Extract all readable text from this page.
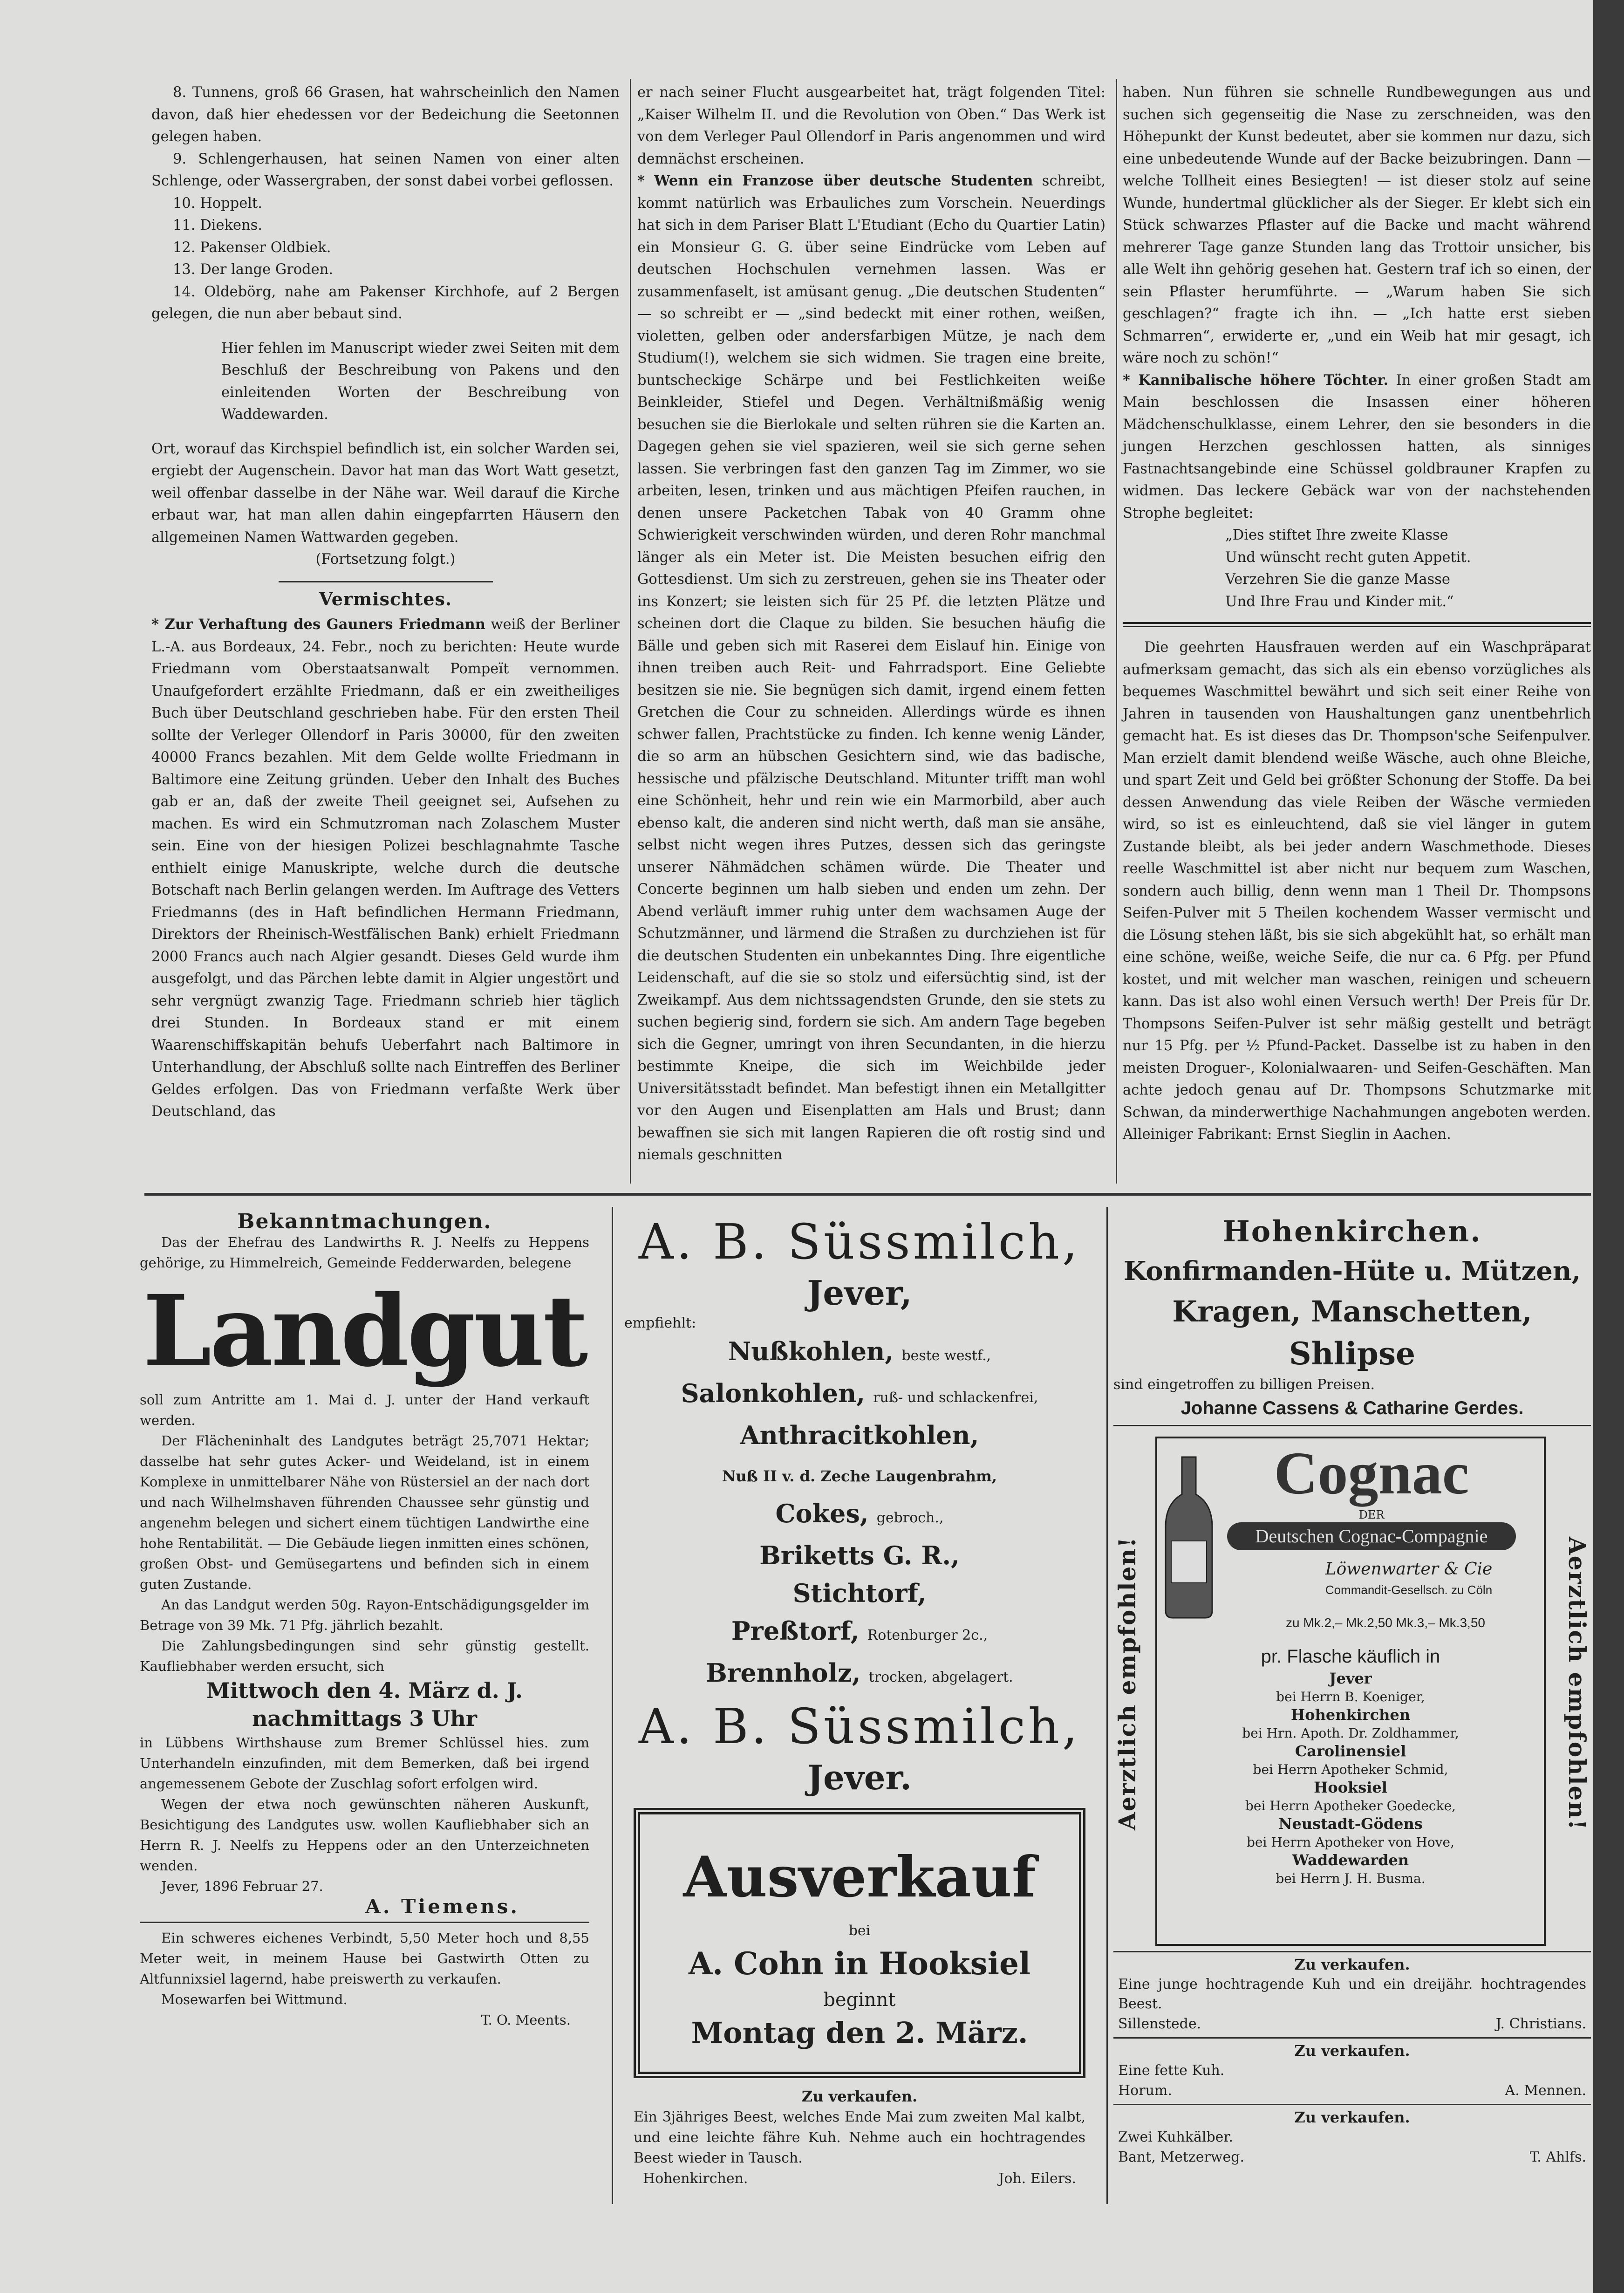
8. Tunnens, groß 66 Grasen, hat wahrscheinlich den Namen davon, daß hier ehedessen vor der Bedeichung die Seetonnen gelegen haben.

9. Schlengerhausen, hat seinen Namen von einer alten Schlenge, oder Wassergraben, der sonst dabei vorbei geflossen.

10. Hoppelt.

11. Diekens.

12. Pakenser Oldbiek.

13. Der lange Groden.

14. Oldebörg, nahe am Pakenser Kirchhofe, auf 2 Bergen gelegen, die nun aber bebaut sind.

Hier fehlen im Manuscript wieder zwei Seiten mit dem Beschluß der Beschreibung von Pakens und den einleitenden Worten der Beschreibung von Waddewarden.

Ort, worauf das Kirchspiel befindlich ist, ein solcher Warden sei, ergiebt der Augenschein. Davor hat man das Wort Watt gesetzt, weil offenbar dasselbe in der Nähe war. Weil darauf die Kirche erbaut war, hat man allen dahin eingepfarrten Häusern den allgemeinen Namen Wattwarden gegeben.

(Fortsetzung folgt.)

Vermischtes.

* Zur Verhaftung des Gauners Friedmann weiß der Berliner L.-A. aus Bordeaux, 24. Febr., noch zu berichten: Heute wurde Friedmann vom Oberstaatsanwalt Pompeït vernommen. Unaufgefordert erzählte Friedmann, daß er ein zweitheiliges Buch über Deutschland geschrieben habe. Für den ersten Theil sollte der Verleger Ollendorf in Paris 30000, für den zweiten 40000 Francs bezahlen. Mit dem Gelde wollte Friedmann in Baltimore eine Zeitung gründen. Ueber den Inhalt des Buches gab er an, daß der zweite Theil geeignet sei, Aufsehen zu machen. Es wird ein Schmutzroman nach Zolaschem Muster sein. Eine von der hiesigen Polizei beschlagnahmte Tasche enthielt einige Manuskripte, welche durch die deutsche Botschaft nach Berlin gelangen werden. Im Auftrage des Vetters Friedmanns (des in Haft befindlichen Hermann Friedmann, Direktors der Rheinisch-Westfälischen Bank) erhielt Friedmann 2000 Francs auch nach Algier gesandt. Dieses Geld wurde ihm ausgefolgt, und das Pärchen lebte damit in Algier ungestört und sehr vergnügt zwanzig Tage. Friedmann schrieb hier täglich drei Stunden. In Bordeaux stand er mit einem Waarenschiffskapitän behufs Ueberfahrt nach Baltimore in Unterhandlung, der Abschluß sollte nach Eintreffen des Berliner Geldes erfolgen. Das von Friedmann verfaßte Werk über Deutschland, das

er nach seiner Flucht ausgearbeitet hat, trägt folgenden Titel: „Kaiser Wilhelm II. und die Revolution von Oben.“ Das Werk ist von dem Verleger Paul Ollendorf in Paris angenommen und wird demnächst erscheinen.

* Wenn ein Franzose über deutsche Studenten schreibt, kommt natürlich was Erbauliches zum Vorschein. Neuerdings hat sich in dem Pariser Blatt L'Etudiant (Echo du Quartier Latin) ein Monsieur G. G. über seine Eindrücke vom Leben auf deutschen Hochschulen vernehmen lassen. Was er zusammenfaselt, ist amüsant genug. „Die deutschen Studenten“ — so schreibt er — „sind bedeckt mit einer rothen, weißen, violetten, gelben oder andersfarbigen Mütze, je nach dem Studium(!), welchem sie sich widmen. Sie tragen eine breite, buntscheckige Schärpe und bei Festlichkeiten weiße Beinkleider, Stiefel und Degen. Verhältnißmäßig wenig besuchen sie die Bierlokale und selten rühren sie die Karten an. Dagegen gehen sie viel spazieren, weil sie sich gerne sehen lassen. Sie verbringen fast den ganzen Tag im Zimmer, wo sie arbeiten, lesen, trinken und aus mächtigen Pfeifen rauchen, in denen unsere Packetchen Tabak von 40 Gramm ohne Schwierigkeit verschwinden würden, und deren Rohr manchmal länger als ein Meter ist. Die Meisten besuchen eifrig den Gottesdienst. Um sich zu zerstreuen, gehen sie ins Theater oder ins Konzert; sie leisten sich für 25 Pf. die letzten Plätze und scheinen dort die Claque zu bilden. Sie besuchen häufig die Bälle und geben sich mit Raserei dem Eislauf hin. Einige von ihnen treiben auch Reit- und Fahrradsport. Eine Geliebte besitzen sie nie. Sie begnügen sich damit, irgend einem fetten Gretchen die Cour zu schneiden. Allerdings würde es ihnen schwer fallen, Prachtstücke zu finden. Ich kenne wenig Länder, die so arm an hübschen Gesichtern sind, wie das badische, hessische und pfälzische Deutschland. Mitunter trifft man wohl eine Schönheit, hehr und rein wie ein Marmorbild, aber auch ebenso kalt, die anderen sind nicht werth, daß man sie ansähe, selbst nicht wegen ihres Putzes, dessen sich das geringste unserer Nähmädchen schämen würde. Die Theater und Concerte beginnen um halb sieben und enden um zehn. Der Abend verläuft immer ruhig unter dem wachsamen Auge der Schutzmänner, und lärmend die Straßen zu durchziehen ist für die deutschen Studenten ein unbekanntes Ding. Ihre eigentliche Leidenschaft, auf die sie so stolz und eifersüchtig sind, ist der Zweikampf. Aus dem nichtssagendsten Grunde, den sie stets zu suchen begierig sind, fordern sie sich. Am andern Tage begeben sich die Gegner, umringt von ihren Secundanten, in die hierzu bestimmte Kneipe, die sich im Weichbilde jeder Universitätsstadt befindet. Man befestigt ihnen ein Metallgitter vor den Augen und Eisenplatten am Hals und Brust; dann bewaffnen sie sich mit langen Rapieren die oft rostig sind und niemals geschnitten

haben. Nun führen sie schnelle Rundbewegungen aus und suchen sich gegenseitig die Nase zu zerschneiden, was den Höhepunkt der Kunst bedeutet, aber sie kommen nur dazu, sich eine unbedeutende Wunde auf der Backe beizubringen. Dann — welche Tollheit eines Besiegten! — ist dieser stolz auf seine Wunde, hundertmal glücklicher als der Sieger. Er klebt sich ein Stück schwarzes Pflaster auf die Backe und macht während mehrerer Tage ganze Stunden lang das Trottoir unsicher, bis alle Welt ihn gehörig gesehen hat. Gestern traf ich so einen, der sein Pflaster herumführte. — „Warum haben Sie sich geschlagen?“ fragte ich ihn. — „Ich hatte erst sieben Schmarren“, erwiderte er, „und ein Weib hat mir gesagt, ich wäre noch zu schön!“

* Kannibalische höhere Töchter. In einer großen Stadt am Main beschlossen die Insassen einer höheren Mädchenschulklasse, einem Lehrer, den sie besonders in die jungen Herzchen geschlossen hatten, als sinniges Fastnachtsangebinde eine Schüssel goldbrauner Krapfen zu widmen. Das leckere Gebäck war von der nachstehenden Strophe begleitet:

„Dies stiftet Ihre zweite Klasse

Und wünscht recht guten Appetit.

Verzehren Sie die ganze Masse

Und Ihre Frau und Kinder mit.“

Die geehrten Hausfrauen werden auf ein Waschpräparat aufmerksam gemacht, das sich als ein ebenso vorzügliches als bequemes Waschmittel bewährt und sich seit einer Reihe von Jahren in tausenden von Haushaltungen ganz unentbehrlich gemacht hat. Es ist dieses das Dr. Thompson'sche Seifenpulver. Man erzielt damit blendend weiße Wäsche, auch ohne Bleiche, und spart Zeit und Geld bei größter Schonung der Stoffe. Da bei dessen Anwendung das viele Reiben der Wäsche vermieden wird, so ist es einleuchtend, daß sie viel länger in gutem Zustande bleibt, als bei jeder andern Waschmethode. Dieses reelle Waschmittel ist aber nicht nur bequem zum Waschen, sondern auch billig, denn wenn man 1 Theil Dr. Thompsons Seifen-Pulver mit 5 Theilen kochendem Wasser vermischt und die Lösung stehen läßt, bis sie sich abgekühlt hat, so erhält man eine schöne, weiße, weiche Seife, die nur ca. 6 Pfg. per Pfund kostet, und mit welcher man waschen, reinigen und scheuern kann. Das ist also wohl einen Versuch werth! Der Preis für Dr. Thompsons Seifen-Pulver ist sehr mäßig gestellt und beträgt nur 15 Pfg. per ½ Pfund-Packet. Dasselbe ist zu haben in den meisten Droguer-, Kolonialwaaren- und Seifen-Geschäften. Man achte jedoch genau auf Dr. Thompsons Schutzmarke mit Schwan, da minderwerthige Nachahmungen angeboten werden. Alleiniger Fabrikant: Ernst Sieglin in Aachen.

Bekanntmachungen.

Das der Ehefrau des Landwirths R. J. Neelfs zu Heppens gehörige, zu Himmelreich, Gemeinde Fedderwarden, belegene

Landgut

soll zum Antritte am 1. Mai d. J. unter der Hand verkauft werden.

Der Flächeninhalt des Landgutes beträgt 25,7071 Hektar; dasselbe hat sehr gutes Acker- und Weideland, ist in einem Komplexe in unmittelbarer Nähe von Rüstersiel an der nach dort und nach Wilhelmshaven führenden Chaussee sehr günstig und angenehm belegen und sichert einem tüchtigen Landwirthe eine hohe Rentabilität. — Die Gebäude liegen inmitten eines schönen, großen Obst- und Gemüsegartens und befinden sich in einem guten Zustande.

An das Landgut werden 50g. Rayon-Entschädigungsgelder im Betrage von 39 Mk. 71 Pfg. jährlich bezahlt.

Die Zahlungsbedingungen sind sehr günstig gestellt. Kaufliebhaber werden ersucht, sich

Mittwoch den 4. März d. J.

nachmittags 3 Uhr

in Lübbens Wirthshause zum Bremer Schlüssel hies. zum Unterhandeln einzufinden, mit dem Bemerken, daß bei irgend angemessenem Gebote der Zuschlag sofort erfolgen wird.

Wegen der etwa noch gewünschten näheren Auskunft, Besichtigung des Landgutes usw. wollen Kaufliebhaber sich an Herrn R. J. Neelfs zu Heppens oder an den Unterzeichneten wenden.

Jever, 1896 Februar 27.

A. Tiemens.

Ein schweres eichenes Verbindt, 5,50 Meter hoch und 8,55 Meter weit, in meinem Hause bei Gastwirth Otten zu Altfunnixsiel lagernd, habe preiswerth zu verkaufen.

Mosewarfen bei Wittmund.

T. O. Meents.

A. B. Süssmilch,
Jever,
empfiehlt:
Nußkohlen, beste westf.,
Salonkohlen, ruß- und schlackenfrei,
Anthracitkohlen,
Nuß II v. d. Zeche Laugenbrahm,
Cokes, gebroch.,
Briketts G. R.,
Stichtorf,
Preßtorf, Rotenburger 2c.,
Brennholz, trocken, abgelagert.
A. B. Süssmilch,
Jever.
Ausverkauf
bei
A. Cohn in Hooksiel
beginnt
Montag den 2. März.
Zu verkaufen.
Ein 3jähriges Beest, welches Ende Mai zum zweiten Mal kalbt, und eine leichte fähre Kuh. Nehme auch ein hochtragendes Beest wieder in Tausch.
Hohenkirchen.	Joh. Eilers.
Hohenkirchen.
Konfirmanden-Hüte u. Mützen,
Kragen, Manschetten,
Shlipse
sind eingetroffen zu billigen Preisen.
Johanne Cassens & Catharine Gerdes.
Aerztlich empfohlen!	Aerztlich empfohlen!
Cognac
DER
Deutschen Cognac-Compagnie
Löwenwarter & Cie
Commandit-Gesellsch. zu Cöln
zu Mk.2,– Mk.2,50 Mk.3,– Mk.3,50
pr. Flasche käuflich in
Jever
bei Herrn B. Koeniger,
Hohenkirchen
bei Hrn. Apoth. Dr. Zoldhammer,
Carolinensiel
bei Herrn Apotheker Schmid,
Hooksiel
bei Herrn Apotheker Goedecke,
Neustadt-Gödens
bei Herrn Apotheker von Hove,
Waddewarden
bei Herrn J. H. Busma.
Zu verkaufen.
Eine junge hochtragende Kuh und ein dreijähr. hochtragendes Beest.
Sillenstede.	J. Christians.
Zu verkaufen.
Eine fette Kuh.
Horum.	A. Mennen.
Zu verkaufen.
Zwei Kuhkälber.
Bant, Metzerweg.	T. Ahlfs.
